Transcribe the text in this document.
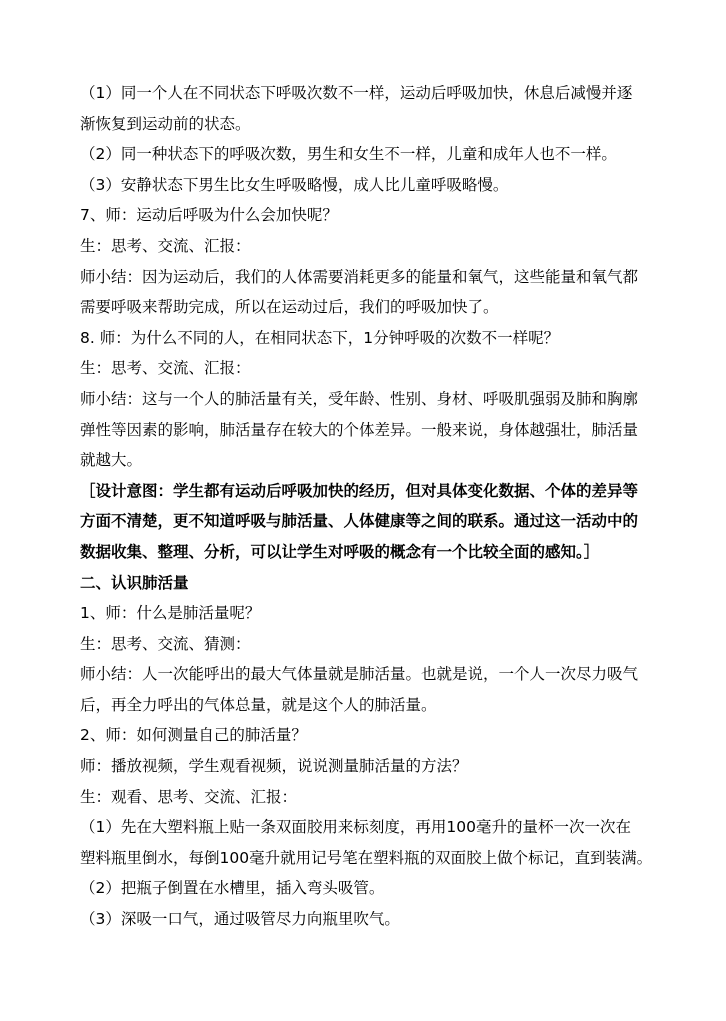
（1）同一个人在不同状态下呼吸次数不一样，运动后呼吸加快，休息后减慢并逐
渐恢复到运动前的状态。
（2）同一种状态下的呼吸次数，男生和女生不一样，儿童和成年人也不一样。
（3）安静状态下男生比女生呼吸略慢，成人比儿童呼吸略慢。
7、师：运动后呼吸为什么会加快呢？
生：思考、交流、汇报：
师小结：因为运动后，我们的人体需要消耗更多的能量和氧气，这些能量和氧气都
需要呼吸来帮助完成，所以在运动过后，我们的呼吸加快了。
8. 师：为什么不同的人，在相同状态下，1分钟呼吸的次数不一样呢？
生：思考、交流、汇报：
师小结：这与一个人的肺活量有关，受年龄、性别、身材、呼吸肌强弱及肺和胸廓
弹性等因素的影响，肺活量存在较大的个体差异。一般来说，身体越强壮，肺活量
就越大。
［设计意图：学生都有运动后呼吸加快的经历，但对具体变化数据、个体的差异等
方面不清楚，更不知道呼吸与肺活量、人体健康等之间的联系。通过这一活动中的
数据收集、整理、分析，可以让学生对呼吸的概念有一个比较全面的感知。］
二、认识肺活量
1、师：什么是肺活量呢？
生：思考、交流、猜测：
师小结：人一次能呼出的最大气体量就是肺活量。也就是说，一个人一次尽力吸气
后，再全力呼出的气体总量，就是这个人的肺活量。
2、师：如何测量自己的肺活量？
师：播放视频，学生观看视频，说说测量肺活量的方法？
生：观看、思考、交流、汇报：
（1）先在大塑料瓶上贴一条双面胶用来标刻度，再用100毫升的量杯一次一次在
塑料瓶里倒水，每倒100毫升就用记号笔在塑料瓶的双面胶上做个标记，直到装满。
（2）把瓶子倒置在水槽里，插入弯头吸管。
（3）深吸一口气，通过吸管尽力向瓶里吹气。
